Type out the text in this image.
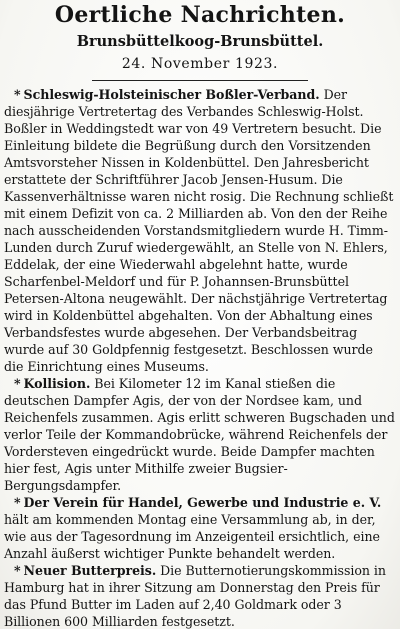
Oertliche Nachrichten.
Brunsbüttelkoog-Brunsbüttel.
24. November 1923.

* Schleswig-Holsteinischer Boßler-Verband. Der diesjährige Vertretertag des Verbandes Schleswig-Holst. Boßler in Weddingstedt war von 49 Vertretern besucht. Die Einleitung bildete die Begrüßung durch den Vorsitzenden Amtsvorsteher Nissen in Koldenbüttel. Den Jahresbericht erstattete der Schriftführer Jacob Jensen-Husum. Die Kassenverhältnisse waren nicht rosig. Die Rechnung schließt mit einem Defizit von ca. 2 Milliarden ab. Von den der Reihe nach ausscheidenden Vorstandsmitgliedern wurde H. Timm-Lunden durch Zuruf wiedergewählt, an Stelle von N. Ehlers, Eddelak, der eine Wiederwahl abgelehnt hatte, wurde Scharfenbel-Meldorf und für P. Johannsen-Brunsbüttel Petersen-Altona neugewählt. Der nächstjährige Vertretertag wird in Koldenbüttel abgehalten. Von der Abhaltung eines Verbandsfestes wurde abgesehen. Der Verbandsbeitrag wurde auf 30 Goldpfennig festgesetzt. Beschlossen wurde die Einrichtung eines Museums.

* Kollision. Bei Kilometer 12 im Kanal stießen die deutschen Dampfer Agis, der von der Nordsee kam, und Reichenfels zusammen. Agis erlitt schweren Bugschaden und verlor Teile der Kommandobrücke, während Reichenfels der Vordersteven eingedrückt wurde. Beide Dampfer machten hier fest, Agis unter Mithilfe zweier Bugsier-Bergungsdampfer.

* Der Verein für Handel, Gewerbe und Industrie e. V. hält am kommenden Montag eine Versammlung ab, in der, wie aus der Tagesordnung im Anzeigenteil ersichtlich, eine Anzahl äußerst wichtiger Punkte behandelt werden.

* Neuer Butterpreis. Die Butternotierungskommission in Hamburg hat in ihrer Sitzung am Donnerstag den Preis für das Pfund Butter im Laden auf 2,40 Goldmark oder 3 Billionen 600 Milliarden festgesetzt.
